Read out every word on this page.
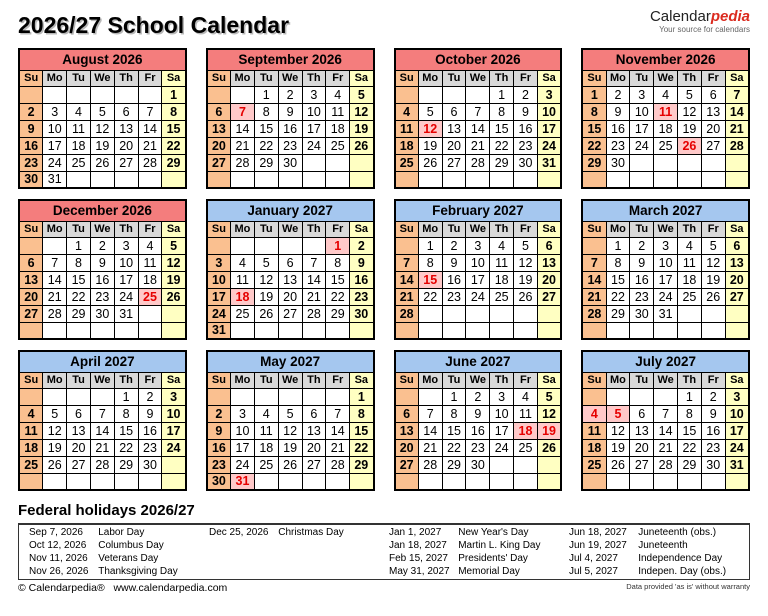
2026/27 School Calendar	Calendarpedia
Your source for calendars
August 2026						
Su	Mo	Tu	We	Th	Fr	Sa
						1
2	3	4	5	6	7	8
9	10	11	12	13	14	15
16	17	18	19	20	21	22
23	24	25	26	27	28	29
30	31					
September 2026						
Su	Mo	Tu	We	Th	Fr	Sa
		1	2	3	4	5
6	7	8	9	10	11	12
13	14	15	16	17	18	19
20	21	22	23	24	25	26
27	28	29	30			

October 2026						
Su	Mo	Tu	We	Th	Fr	Sa
				1	2	3
4	5	6	7	8	9	10
11	12	13	14	15	16	17
18	19	20	21	22	23	24
25	26	27	28	29	30	31

November 2026						
Su	Mo	Tu	We	Th	Fr	Sa
1	2	3	4	5	6	7
8	9	10	11	12	13	14
15	16	17	18	19	20	21
22	23	24	25	26	27	28
29	30					

December 2026						
Su	Mo	Tu	We	Th	Fr	Sa
		1	2	3	4	5
6	7	8	9	10	11	12
13	14	15	16	17	18	19
20	21	22	23	24	25	26
27	28	29	30	31		

January 2027						
Su	Mo	Tu	We	Th	Fr	Sa
					1	2
3	4	5	6	7	8	9
10	11	12	13	14	15	16
17	18	19	20	21	22	23
24	25	26	27	28	29	30
31						
February 2027						
Su	Mo	Tu	We	Th	Fr	Sa
	1	2	3	4	5	6
7	8	9	10	11	12	13
14	15	16	17	18	19	20
21	22	23	24	25	26	27
28						

March 2027						
Su	Mo	Tu	We	Th	Fr	Sa
	1	2	3	4	5	6
7	8	9	10	11	12	13
14	15	16	17	18	19	20
21	22	23	24	25	26	27
28	29	30	31			

April 2027						
Su	Mo	Tu	We	Th	Fr	Sa
				1	2	3
4	5	6	7	8	9	10
11	12	13	14	15	16	17
18	19	20	21	22	23	24
25	26	27	28	29	30	

May 2027						
Su	Mo	Tu	We	Th	Fr	Sa
						1
2	3	4	5	6	7	8
9	10	11	12	13	14	15
16	17	18	19	20	21	22
23	24	25	26	27	28	29
30	31					
June 2027						
Su	Mo	Tu	We	Th	Fr	Sa
		1	2	3	4	5
6	7	8	9	10	11	12
13	14	15	16	17	18	19
20	21	22	23	24	25	26
27	28	29	30			

July 2027						
Su	Mo	Tu	We	Th	Fr	Sa
				1	2	3
4	5	6	7	8	9	10
11	12	13	14	15	16	17
18	19	20	21	22	23	24
25	26	27	28	29	30	31

Federal holidays 2026/27
Sep 7, 2026	Labor Day	Dec 25, 2026 Christmas Day	Jan 1, 2027	New Year's Day	Jun 18, 2027	Juneteenth (obs.)
Oct 12, 2026	Columbus Day	Jan 18, 2027	Martin L. King Day	Jun 19, 2027	Juneteenth
Nov 11, 2026	Veterans Day	Feb 15, 2027	Presidents' Day	Jul 4, 2027	Independence Day
Nov 26, 2026 Thanksgiving Day	May 31, 2027 Memorial Day	Jul 5, 2027	Indepen. Day (obs.)
© Calendarpedia® www.calendarpedia.com	Data provided 'as is' without warranty
